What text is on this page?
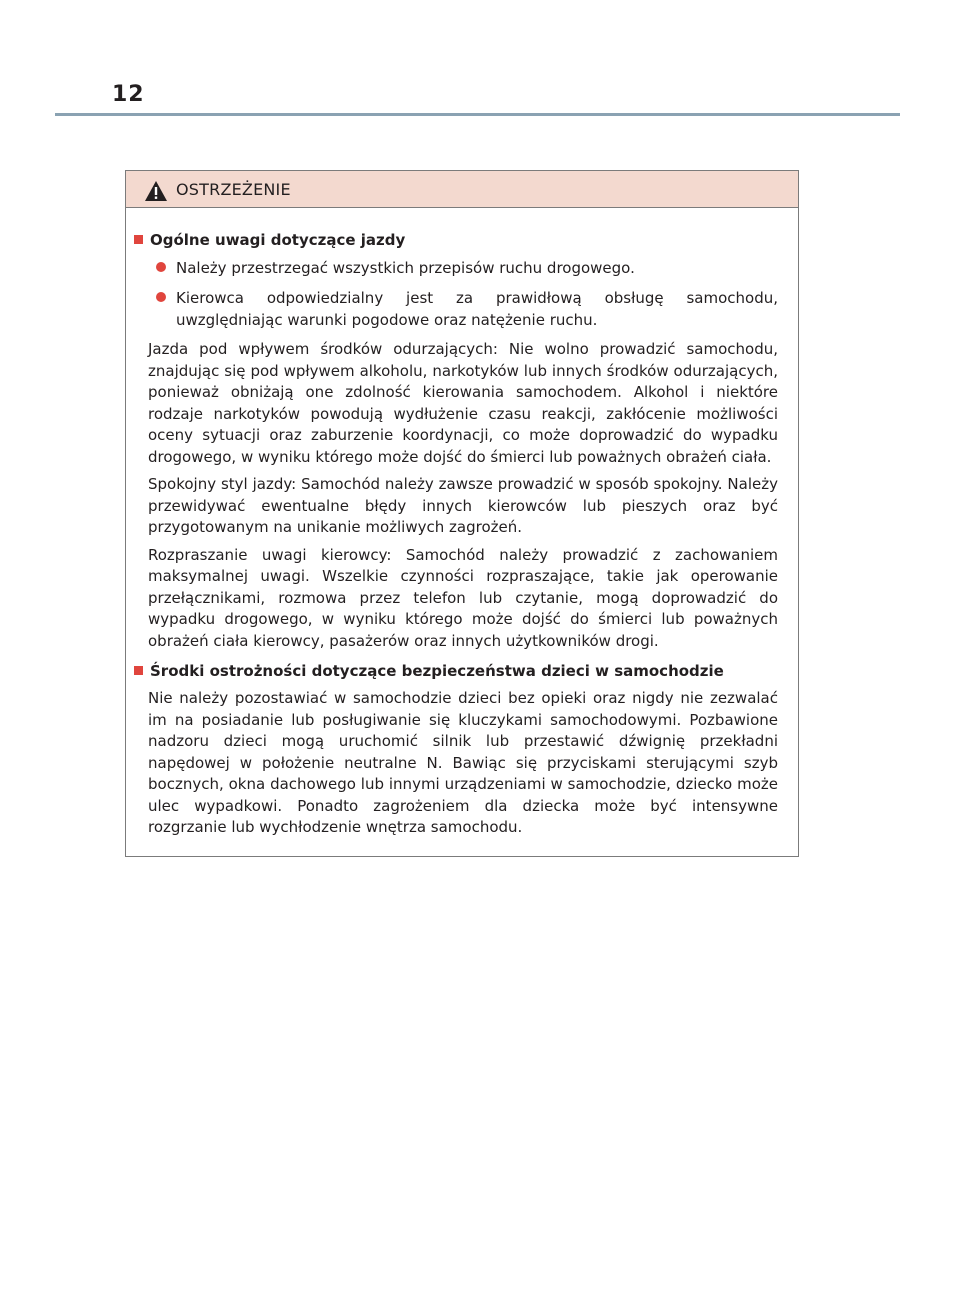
12
OSTRZEŻENIE
Ogólne uwagi dotyczące jazdy
Należy przestrzegać wszystkich przepisów ruchu drogowego.
Kierowca odpowiedzialny jest za prawidłową obsługę samochodu, uwzględniając warunki pogodowe oraz natężenie ruchu.

Jazda pod wpływem środków odurzających: Nie wolno prowadzić samochodu, znajdując się pod wpływem alkoholu, narkotyków lub innych środków odurzających, ponieważ obniżają one zdolność kierowania samochodem. Alkohol i niektóre rodzaje narkotyków powodują wydłużenie czasu reakcji, zakłócenie możliwości oceny sytuacji oraz zaburzenie koordynacji, co może doprowadzić do wypadku drogowego, w wyniku którego może dojść do śmierci lub poważnych obrażeń ciała.

Spokojny styl jazdy: Samochód należy zawsze prowadzić w sposób spokojny. Należy przewidywać ewentualne błędy innych kierowców lub pieszych oraz być przygotowanym na unikanie możliwych zagrożeń.

Rozpraszanie uwagi kierowcy: Samochód należy prowadzić z zachowaniem maksymalnej uwagi. Wszelkie czynności rozpraszające, takie jak operowanie przełącznikami, rozmowa przez telefon lub czytanie, mogą doprowadzić do wypadku drogowego, w wyniku którego może dojść do śmierci lub poważnych obrażeń ciała kierowcy, pasażerów oraz innych użytkowników drogi.

Środki ostrożności dotyczące bezpieczeństwa dzieci w samochodzie

Nie należy pozostawiać w samochodzie dzieci bez opieki oraz nigdy nie zezwalać im na posiadanie lub posługiwanie się kluczykami samochodowymi. Pozbawione nadzoru dzieci mogą uruchomić silnik lub przestawić dźwignię przekładni napędowej w położenie neutralne N. Bawiąc się przyciskami sterującymi szyb bocznych, okna dachowego lub innymi urządzeniami w samochodzie, dziecko może ulec wypadkowi. Ponadto zagrożeniem dla dziecka może być intensywne rozgrzanie lub wychłodzenie wnętrza samochodu.
